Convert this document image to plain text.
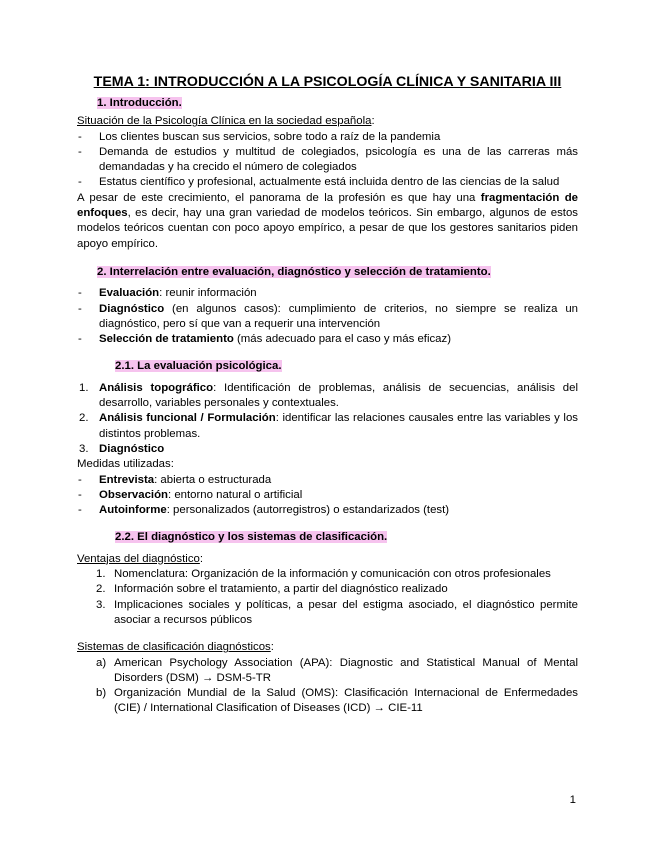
TEMA 1: INTRODUCCIÓN A LA PSICOLOGÍA CLÍNICA Y SANITARIA III
1. Introducción.
Situación de la Psicología Clínica en la sociedad española:
- Los clientes buscan sus servicios, sobre todo a raíz de la pandemia
- Demanda de estudios y multitud de colegiados, psicología es una de las carreras más demandadas y ha crecido el número de colegiados
- Estatus científico y profesional, actualmente está incluida dentro de las ciencias de la salud
A pesar de este crecimiento, el panorama de la profesión es que hay una fragmentación de enfoques, es decir, hay una gran variedad de modelos teóricos. Sin embargo, algunos de estos modelos teóricos cuentan con poco apoyo empírico, a pesar de que los gestores sanitarios piden apoyo empírico.
2. Interrelación entre evaluación, diagnóstico y selección de tratamiento.
- Evaluación: reunir información
- Diagnóstico (en algunos casos): cumplimiento de criterios, no siempre se realiza un diagnóstico, pero sí que van a requerir una intervención
- Selección de tratamiento (más adecuado para el caso y más eficaz)
2.1. La evaluación psicológica.
1. Análisis topográfico: Identificación de problemas, análisis de secuencias, análisis del desarrollo, variables personales y contextuales.
2. Análisis funcional / Formulación: identificar las relaciones causales entre las variables y los distintos problemas.
3. Diagnóstico
Medidas utilizadas:
- Entrevista: abierta o estructurada
- Observación: entorno natural o artificial
- Autoinforme: personalizados (autorregistros) o estandarizados (test)
2.2. El diagnóstico y los sistemas de clasificación.
Ventajas del diagnóstico:
1. Nomenclatura: Organización de la información y comunicación con otros profesionales
2. Información sobre el tratamiento, a partir del diagnóstico realizado
3. Implicaciones sociales y políticas, a pesar del estigma asociado, el diagnóstico permite asociar a recursos públicos
Sistemas de clasificación diagnósticos:
a) American Psychology Association (APA): Diagnostic and Statistical Manual of Mental Disorders (DSM) → DSM-5-TR
b) Organización Mundial de la Salud (OMS): Clasificación Internacional de Enfermedades (CIE) / International Clasification of Diseases (ICD) → CIE-11
1
